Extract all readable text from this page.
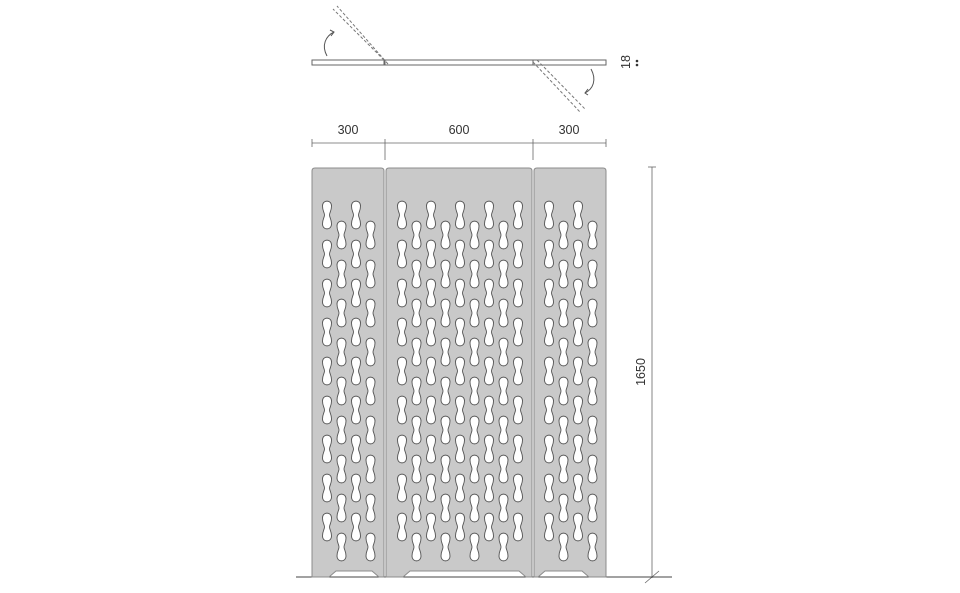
18
300	600	300
1650
